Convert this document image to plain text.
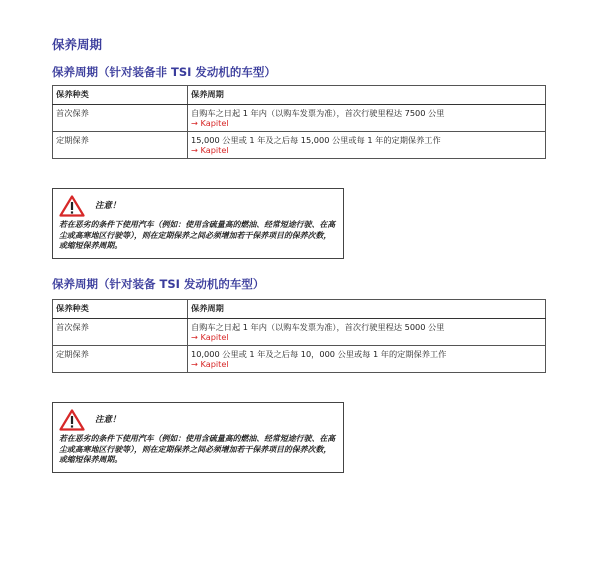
保养周期
保养周期（针对装备非 TSI 发动机的车型）
保养种类	保养周期
首次保养	自购车之日起 1 年内（以购车发票为准），首次行驶里程达 7500 公里
→ Kapitel

定期保养	15,000 公里或 1 年及之后每 15,000 公里或每 1 年的定期保养工作
→ Kapitel
注意！
若在恶劣的条件下使用汽车（例如：使用含硫量高的燃油、经常短途行驶、在高尘或高寒地区行驶等），则在定期保养之间必须增加若干保养项目的保养次数，或缩短保养周期。
保养周期（针对装备 TSI 发动机的车型）
保养种类	保养周期
首次保养	自购车之日起 1 年内（以购车发票为准），首次行驶里程达 5000 公里
→ Kapitel

定期保养	10,000 公里或 1 年及之后每 10，000 公里或每 1 年的定期保养工作
→ Kapitel
注意！
若在恶劣的条件下使用汽车（例如：使用含硫量高的燃油、经常短途行驶、在高尘或高寒地区行驶等），则在定期保养之间必须增加若干保养项目的保养次数，或缩短保养周期。
